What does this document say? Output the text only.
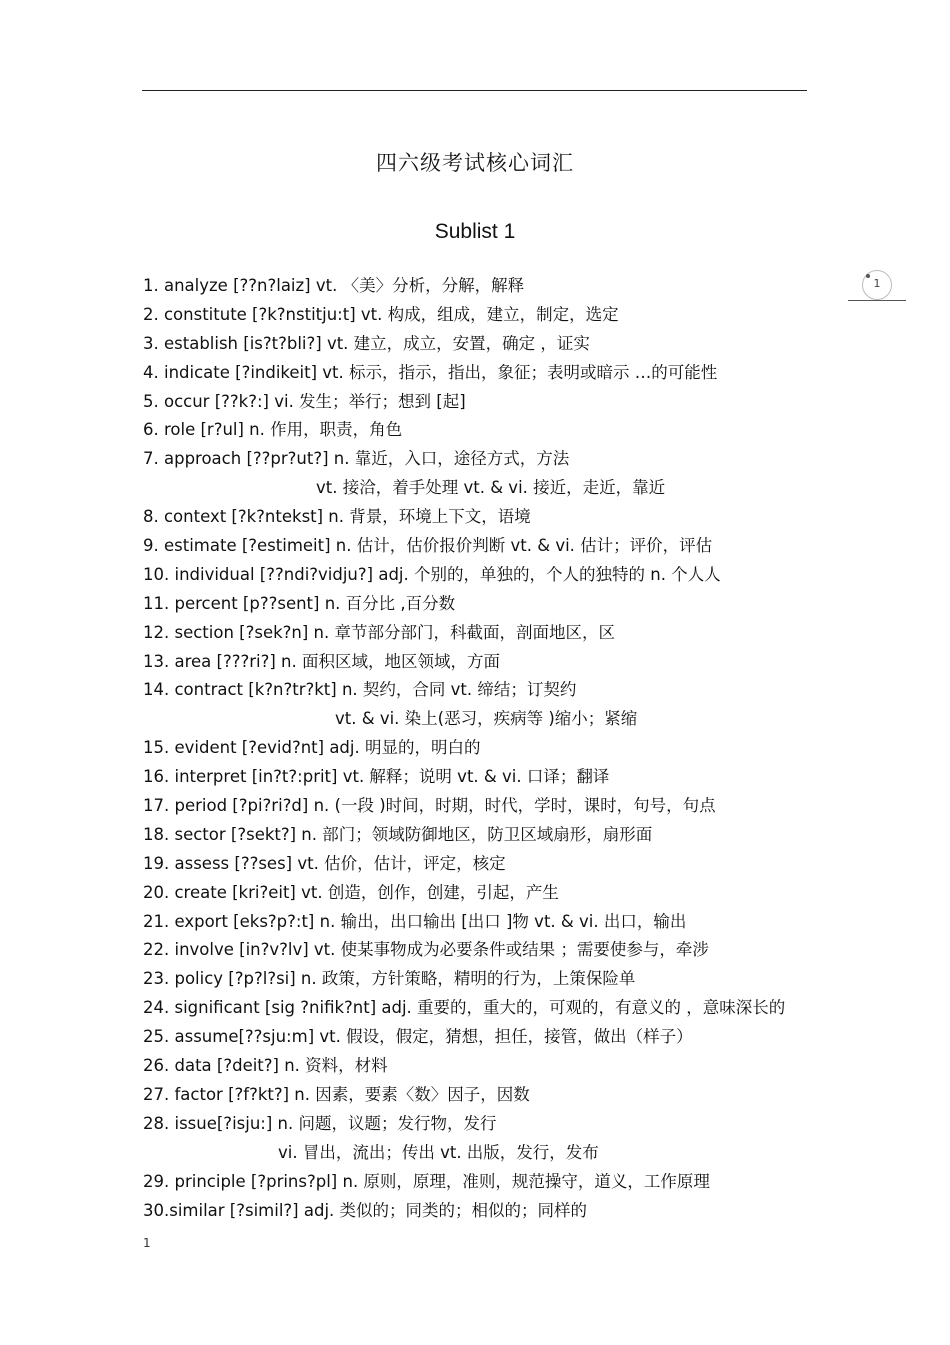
四六级考试核心词汇
Sublist 1
1. analyze [??n?laiz] vt. 〈美〉分析，分解，解释
2. constitute [?k?nstitju:t] vt. 构成，组成，建立，制定，选定
3. establish [is?t?bli?] vt. 建立，成立，安置，确定 ，证实
4. indicate [?indikeit] vt. 标示，指示，指出，象征；表明或暗示 …的可能性
5. occur [??k?:] vi. 发生；举行；想到 [起]
6. role [r?ul] n. 作用，职责，角色
7. approach [??pr?ut?] n. 靠近，入口，途径方式，方法
vt. 接洽，着手处理 vt. & vi. 接近，走近，靠近
8. context [?k?ntekst] n. 背景，环境上下文，语境
9. estimate [?estimeit] n. 估计，估价报价判断 vt. & vi. 估计；评价，评估
10. individual [??ndi?vidju?] adj. 个别的，单独的，个人的独特的 n. 个人人
11. percent [p??sent] n. 百分比 ,百分数
12. section [?sek?n] n. 章节部分部门，科截面，剖面地区，区
13. area [???ri?] n. 面积区域，地区领域，方面
14. contract [k?n?tr?kt] n. 契约，合同 vt. 缔结；订契约
vt. & vi. 染上(恶习，疾病等 )缩小；紧缩
15. evident [?evid?nt] adj. 明显的，明白的
16. interpret [in?t?:prit] vt. 解释；说明 vt. & vi. 口译；翻译
17. period [?pi?ri?d] n. (一段 )时间，时期，时代，学时，课时，句号，句点
18. sector [?sekt?] n. 部门；领域防御地区，防卫区域扇形，扇形面
19. assess [??ses] vt. 估价，估计，评定，核定
20. create [kri?eit] vt. 创造，创作，创建，引起，产生
21. export [eks?p?:t] n. 输出，出口输出 [出口 ]物 vt. & vi. 出口，输出
22. involve [in?v?lv] vt. 使某事物成为必要条件或结果 ；需要使参与，牵涉
23. policy [?p?l?si] n. 政策，方针策略，精明的行为，上策保险单
24. significant [sig ?nifik?nt] adj. 重要的，重大的，可观的，有意义的 ，意味深长的
25. assume[??sju:m] vt. 假设，假定，猜想，担任，接管，做出（样子）
26. data [?deit?] n. 资料，材料
27. factor [?f?kt?] n. 因素，要素〈数〉因子，因数
28. issue[?isju:] n. 问题，议题；发行物，发行
vi. 冒出，流出；传出 vt. 出版，发行，发布
29. principle [?prins?pl] n. 原则，原理，准则，规范操守，道义，工作原理
30.similar [?simil?] adj. 类似的；同类的；相似的；同样的
1
1
